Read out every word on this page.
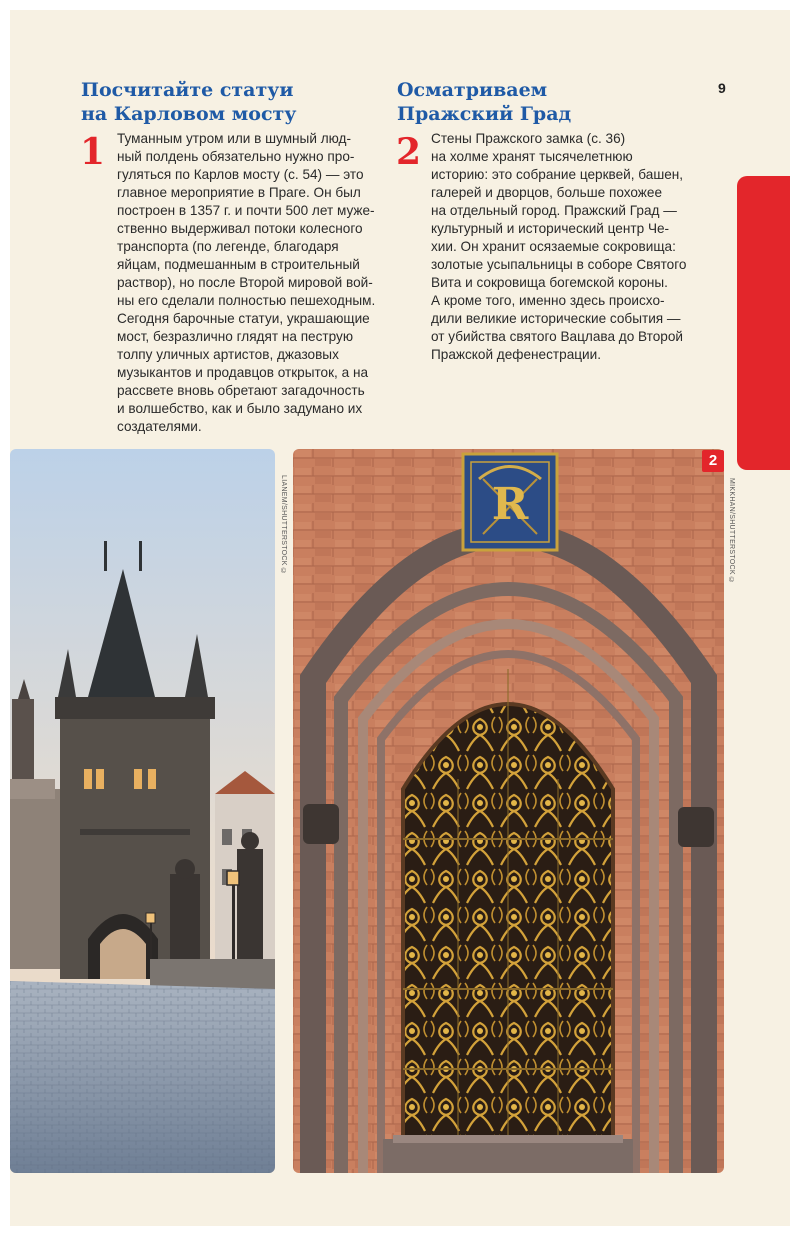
9
Посчитайте статуи
на Карловом мосту
1 Туманным утром или в шумный люд-
ный полдень обязательно нужно про-
гуляться по Карлов мосту (с. 54) — это
главное мероприятие в Праге. Он был
построен в 1357 г. и почти 500 лет муже-
ственно выдерживал потоки колесного
транспорта (по легенде, благодаря
яйцам, подмешанным в строительный
раствор), но после Второй мировой вой-
ны его сделали полностью пешеходным.
Сегодня барочные статуи, украшающие
мост, безразлично глядят на пеструю
толпу уличных артистов, джазовых
музыкантов и продавцов открыток, а на
рассвете вновь обретают загадочность
и волшебство, как и было задумано их
создателями.
Осматриваем
Пражский Град
2 Стены Пражского замка (с. 36)
на холме хранят тысячелетнюю
историю: это собрание церквей, башен,
галерей и дворцов, больше похожее
на отдельный город. Пражский Град —
культурный и исторический центр Че-
хии. Он хранит осязаемые сокровища:
золотые усыпальницы в соборе Святого
Вита и сокровища богемской короны.
А кроме того, именно здесь происхо-
дили великие исторические события —
от убийства святого Вацлава до Второй
Пражской дефенестрации.
LIANEM/SHUTTERSTOCK ©	R
2
MIKKHAN/SHUTTERSTOCK ©
